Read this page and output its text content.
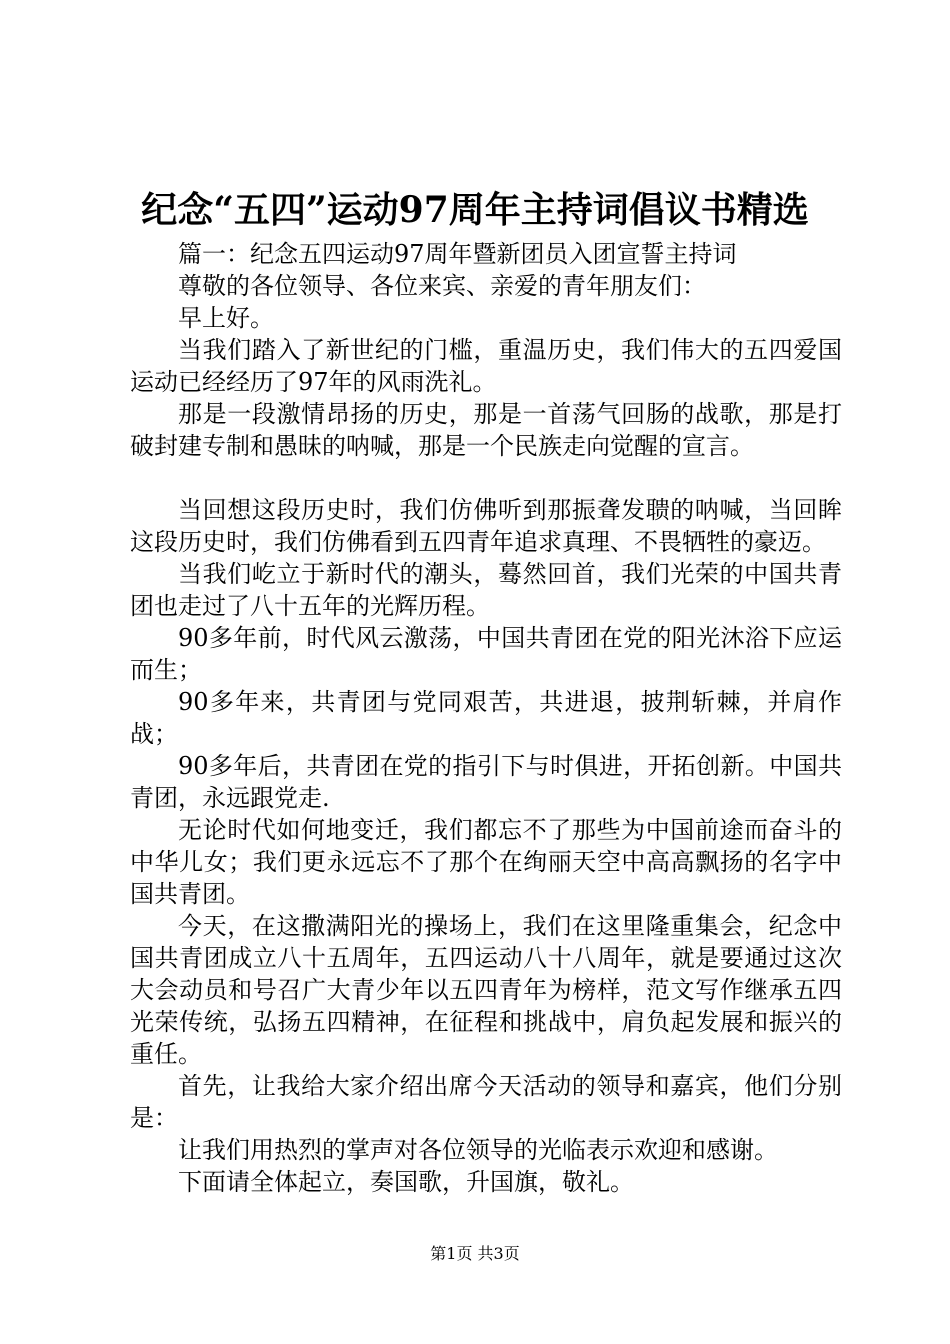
纪念“五四”运动97周年主持词倡议书精选

篇一：纪念五四运动97周年暨新团员入团宣誓主持词

尊敬的各位领导、各位来宾、亲爱的青年朋友们：

早上好。

当我们踏入了新世纪的门槛，重温历史，我们伟大的五四爱国运动已经经历了97年的风雨洗礼。

那是一段激情昂扬的历史，那是一首荡气回肠的战歌，那是打破封建专制和愚昧的呐喊，那是一个民族走向觉醒的宣言。

当回想这段历史时，我们仿佛听到那振聋发聩的呐喊，当回眸这段历史时，我们仿佛看到五四青年追求真理、不畏牺牲的豪迈。

当我们屹立于新时代的潮头，蓦然回首，我们光荣的中国共青团也走过了八十五年的光辉历程。

90多年前，时代风云激荡，中国共青团在党的阳光沐浴下应运而生；

90多年来，共青团与党同艰苦，共进退，披荆斩棘，并肩作战；

90多年后，共青团在党的指引下与时俱进，开拓创新。中国共青团，永远跟党走.

无论时代如何地变迁，我们都忘不了那些为中国前途而奋斗的中华儿女；我们更永远忘不了那个在绚丽天空中高高飘扬的名字中国共青团。

今天，在这撒满阳光的操场上，我们在这里隆重集会，纪念中国共青团成立八十五周年，五四运动八十八周年，就是要通过这次大会动员和号召广大青少年以五四青年为榜样，范文写作继承五四光荣传统，弘扬五四精神，在征程和挑战中，肩负起发展和振兴的重任。

首先，让我给大家介绍出席今天活动的领导和嘉宾，他们分别是：

让我们用热烈的掌声对各位领导的光临表示欢迎和感谢。

下面请全体起立，奏国歌，升国旗，敬礼。

第1页 共3页
